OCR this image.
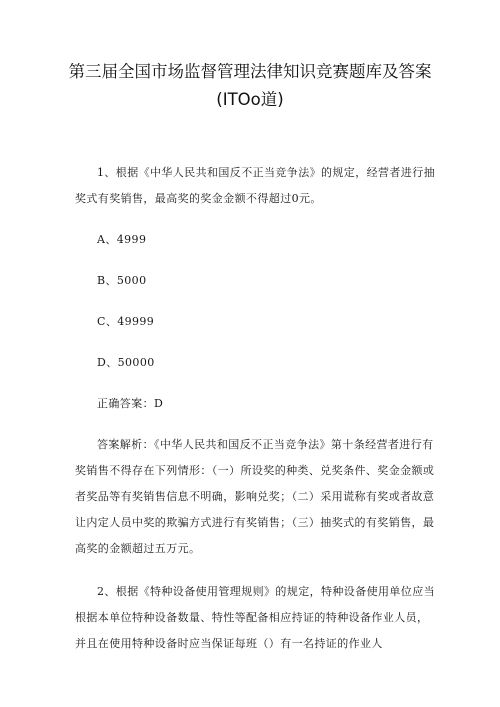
第三届全国市场监督管理法律知识竞赛题库及答案
(ITOo道)

1、根据《中华人民共和国反不正当竞争法》的规定，经营者进行抽奖式有奖销售，最高奖的奖金金额不得超过0元。

A、4999

B、5000

C、49999

D、50000

正确答案：D

答案解析：《中华人民共和国反不正当竞争法》第十条经营者进行有奖销售不得存在下列情形：（一）所设奖的种类、兑奖条件、奖金金额或者奖品等有奖销售信息不明确，影响兑奖；（二）采用谎称有奖或者故意让内定人员中奖的欺骗方式进行有奖销售；（三）抽奖式的有奖销售，最高奖的金额超过五万元。

2、根据《特种设备使用管理规则》的规定，特种设备使用单位应当根据本单位特种设备数量、特性等配备相应持证的特种设备作业人员，并且在使用特种设备时应当保证每班（）有一名持证的作业人
